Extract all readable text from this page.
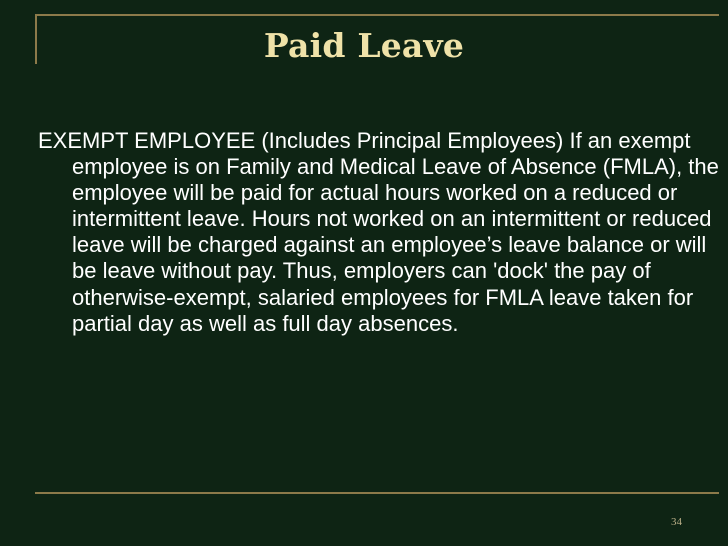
Paid Leave

EXEMPT EMPLOYEE (Includes Principal Employees) If an exempt employee is on Family and Medical Leave of Absence (FMLA), the employee will be paid for actual hours worked on a reduced or intermittent leave. Hours not worked on an intermittent or reduced leave will be charged against an employee’s leave balance or will be leave without pay. Thus, employers can 'dock' the pay of otherwise-exempt, salaried employees for FMLA leave taken for partial day as well as full day absences.

34
